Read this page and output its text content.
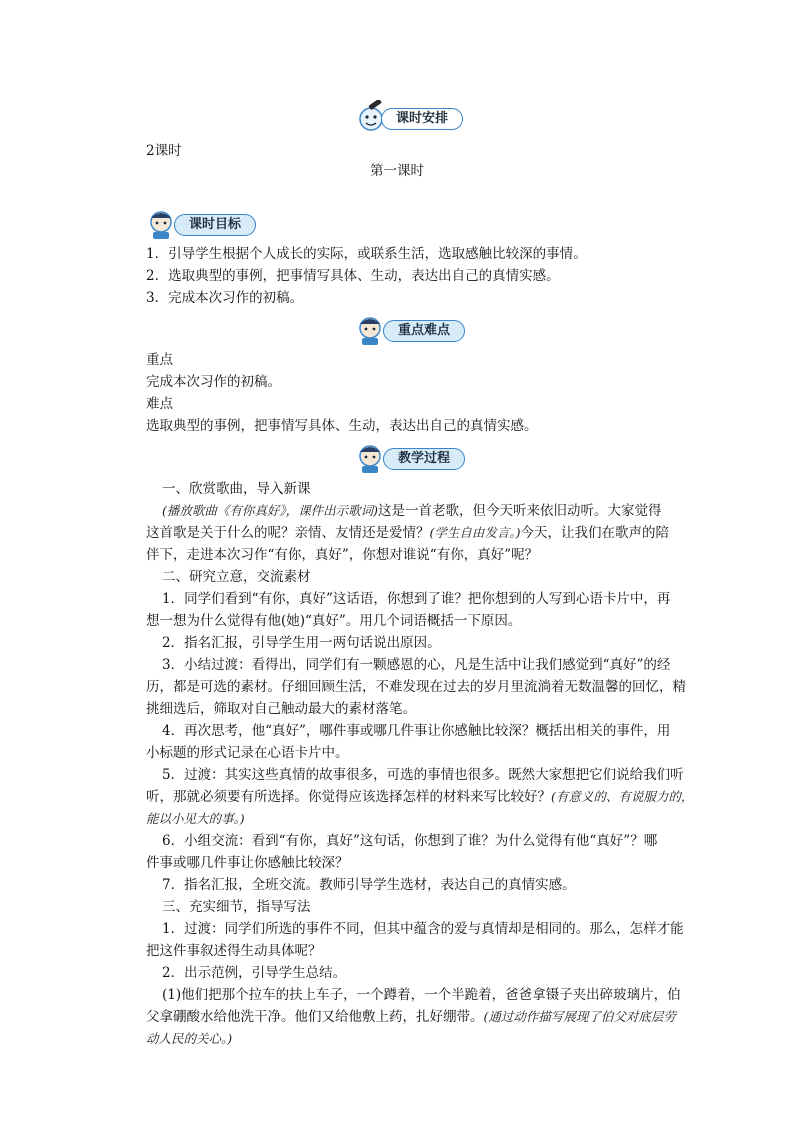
课时安排
2课时
第一课时
课时目标
1．引导学生根据个人成长的实际，或联系生活，选取感触比较深的事情。
2．选取典型的事例，把事情写具体、生动，表达出自己的真情实感。
3．完成本次习作的初稿。
重点难点
重点
完成本次习作的初稿。
难点
选取典型的事例，把事情写具体、生动，表达出自己的真情实感。
教学过程
一、欣赏歌曲，导入新课
(播放歌曲《有你真好》，课件出示歌词)这是一首老歌，但今天听来依旧动听。大家觉得
这首歌是关于什么的呢？亲情、友情还是爱情？(学生自由发言。)今天，让我们在歌声的陪
伴下，走进本次习作“有你，真好”，你想对谁说“有你，真好”呢？
二、研究立意，交流素材
1．同学们看到“有你，真好”这话语，你想到了谁？把你想到的人写到心语卡片中，再
想一想为什么觉得有他(她)“真好”。用几个词语概括一下原因。
2．指名汇报，引导学生用一两句话说出原因。
3．小结过渡：看得出，同学们有一颗感恩的心，凡是生活中让我们感觉到“真好”的经
历，都是可选的素材。仔细回顾生活，不难发现在过去的岁月里流淌着无数温馨的回忆，精
挑细选后，筛取对自己触动最大的素材落笔。
4．再次思考，他“真好”，哪件事或哪几件事让你感触比较深？概括出相关的事件，用
小标题的形式记录在心语卡片中。
5．过渡：其实这些真情的故事很多，可选的事情也很多。既然大家想把它们说给我们听
听，那就必须要有所选择。你觉得应该选择怎样的材料来写比较好？(有意义的、有说服力的，
能以小见大的事。)
6．小组交流：看到“有你，真好”这句话，你想到了谁？为什么觉得有他“真好”？哪
件事或哪几件事让你感触比较深？
7．指名汇报，全班交流。教师引导学生选材，表达自己的真情实感。
三、充实细节，指导写法
1．过渡：同学们所选的事件不同，但其中蕴含的爱与真情却是相同的。那么，怎样才能
把这件事叙述得生动具体呢？
2．出示范例，引导学生总结。
(1)他们把那个拉车的扶上车子，一个蹲着，一个半跪着，爸爸拿镊子夹出碎玻璃片，伯
父拿硼酸水给他洗干净。他们又给他敷上药，扎好绷带。(通过动作描写展现了伯父对底层劳
动人民的关心。)
